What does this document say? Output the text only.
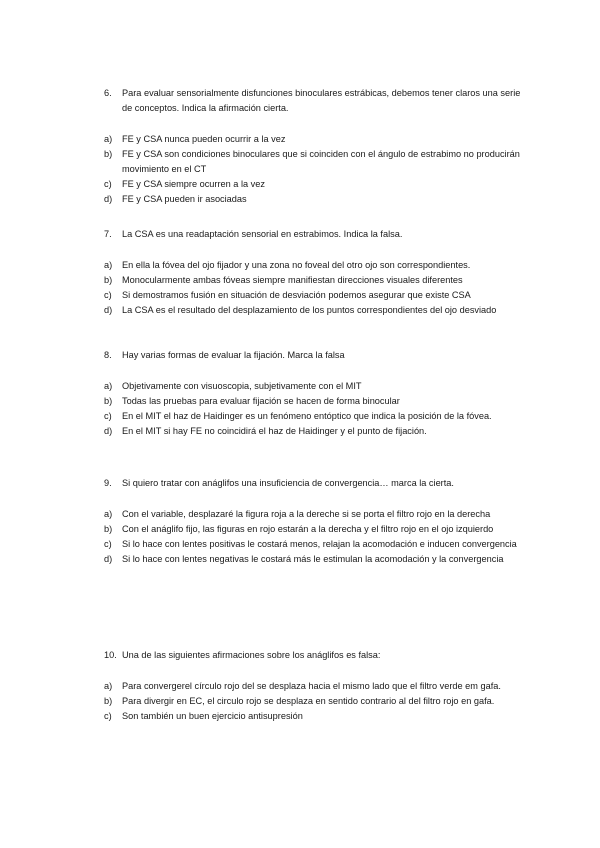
6.	Para evaluar sensorialmente disfunciones binoculares estrábicas, debemos tener claros una serie de conceptos. Indica la afirmación cierta.
a)	FE y CSA nunca pueden ocurrir a la vez
b)	FE y CSA son condiciones binoculares que si coinciden con el ángulo de estrabimo no producirán movimiento en el CT
c)	FE y CSA siempre ocurren a la vez
d)	FE y CSA pueden ir asociadas
7.	La CSA es una readaptación sensorial en estrabimos. Indica la falsa.
a)	En ella la fóvea del ojo fijador y una zona no foveal del otro ojo son correspondientes.
b)	Monocularmente ambas fóveas siempre manifiestan direcciones visuales diferentes
c)	Si demostramos fusión en situación de desviación podemos asegurar que existe CSA
d)	La CSA es el resultado del desplazamiento de los puntos correspondientes del ojo desviado
8.	Hay varias formas de evaluar la fijación. Marca la falsa
a)	Objetivamente con visuoscopia, subjetivamente con el MIT
b)	Todas las pruebas para evaluar fijación se hacen de forma binocular
c)	En el MIT el haz de Haidinger es un fenómeno entóptico que indica la posición de la fóvea.
d)	En el MIT si hay FE no coincidirá el haz de Haidinger y el punto de fijación.
9.	Si quiero tratar con anáglifos una insuficiencia de convergencia… marca la cierta.
a)	Con el variable, desplazaré la figura roja a la dereche si se porta el filtro rojo en la derecha
b)	Con el anáglifo fijo, las figuras en rojo estarán a la derecha y el filtro rojo en el ojo izquierdo
c)	Si lo hace con lentes positivas le costará menos, relajan la acomodación e inducen convergencia
d)	Si lo hace con lentes negativas le costará más le estimulan la acomodación y la convergencia
10. Una de las siguientes afirmaciones sobre los anáglifos es falsa:
a)	Para convergerel círculo rojo del se desplaza hacia el mismo lado que el filtro verde em gafa.
b)	Para divergir en EC, el circulo rojo se desplaza en sentido contrario al del filtro rojo en gafa.
c)	Son también un buen ejercicio antisupresión
